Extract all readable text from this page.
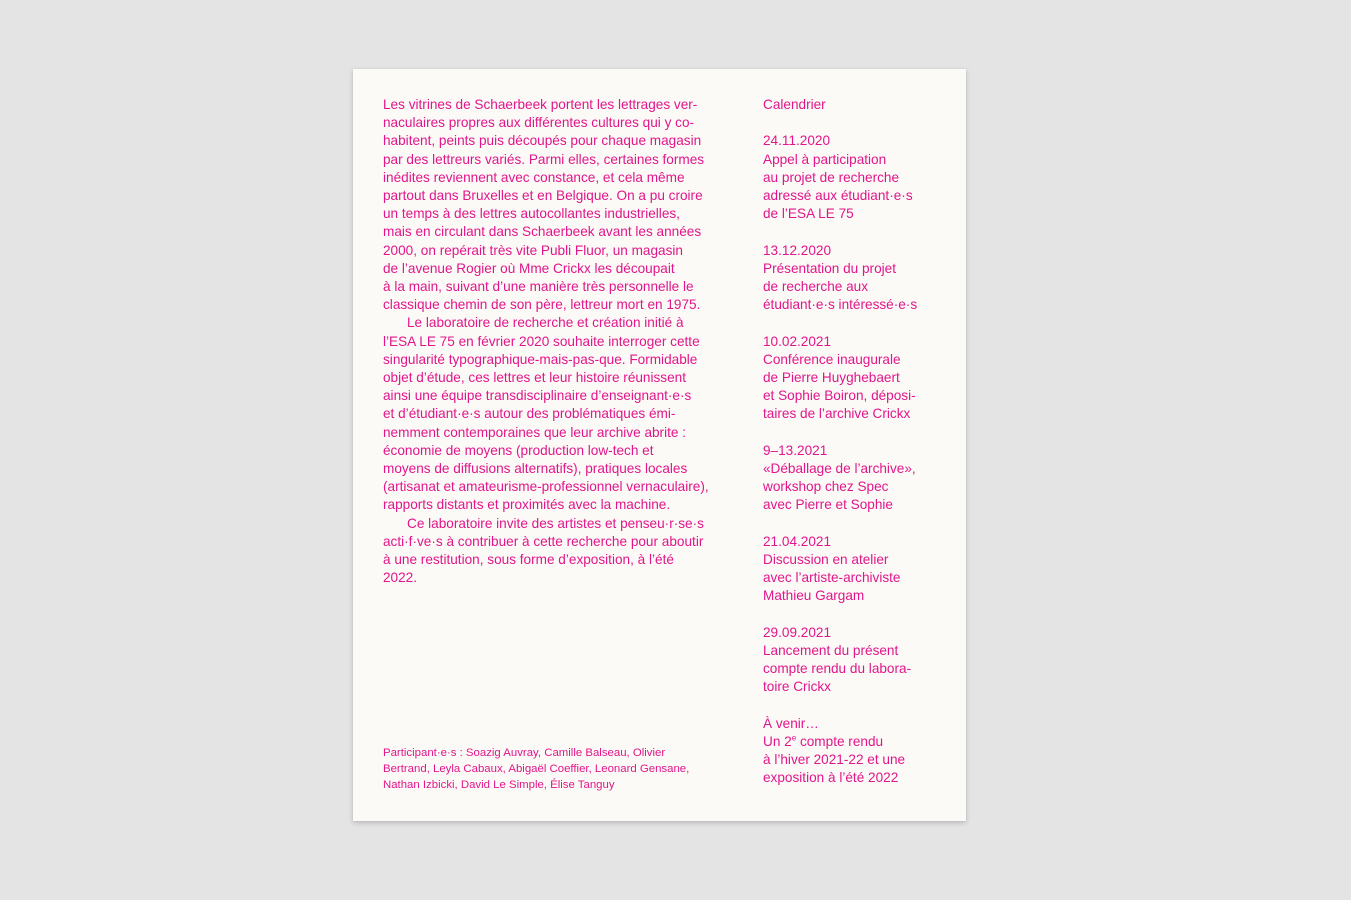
Les vitrines de Schaerbeek portent les lettrages ver-
naculaires propres aux différentes cultures qui y co-
habitent, peints puis découpés pour chaque magasin
par des lettreurs variés. Parmi elles, certaines formes
inédites reviennent avec constance, et cela même
partout dans Bruxelles et en Belgique. On a pu croire
un temps à des lettres autocollantes industrielles,
mais en circulant dans Schaerbeek avant les années
2000, on repérait très vite Publi Fluor, un magasin
de l’avenue Rogier où Mme Crickx les découpait
à la main, suivant d’une manière très personnelle le
classique chemin de son père, lettreur mort en 1975.
Le laboratoire de recherche et création initié à
l’ESA LE 75 en février 2020 souhaite interroger cette
singularité typographique-mais-pas-que. Formidable
objet d’étude, ces lettres et leur histoire réunissent
ainsi une équipe transdisciplinaire d’enseignant·e·s
et d’étudiant·e·s autour des problématiques émi-
nemment contemporaines que leur archive abrite :
économie de moyens (production low-tech et
moyens de diffusions alternatifs), pratiques locales
(artisanat et amateurisme-professionnel vernaculaire),
rapports distants et proximités avec la machine.
Ce laboratoire invite des artistes et penseu·r·se·s
acti·f·ve·s à contribuer à cette recherche pour aboutir
à une restitution, sous forme d’exposition, à l’été
2022.
Participant·e·s : Soazig Auvray, Camille Balseau, Olivier
Bertrand, Leyla Cabaux, Abigaël Coeffier, Leonard Gensane,
Nathan Izbicki, David Le Simple, Élise Tanguy
Calendrier
24.11.2020
Appel à participation
au projet de recherche
adressé aux étudiant·e·s
de l’ESA LE 75
13.12.2020
Présentation du projet
de recherche aux
étudiant·e·s intéressé·e·s
10.02.2021
Conférence inaugurale
de Pierre Huyghebaert
et Sophie Boiron, déposi-
taires de l’archive Crickx
9–13.2021
«Déballage de l’archive»,
workshop chez Spec
avec Pierre et Sophie
21.04.2021
Discussion en atelier
avec l’artiste-archiviste
Mathieu Gargam
29.09.2021
Lancement du présent
compte rendu du labora-
toire Crickx
À venir…
Un 2e compte rendu
à l’hiver 2021-22 et une
exposition à l’été 2022
